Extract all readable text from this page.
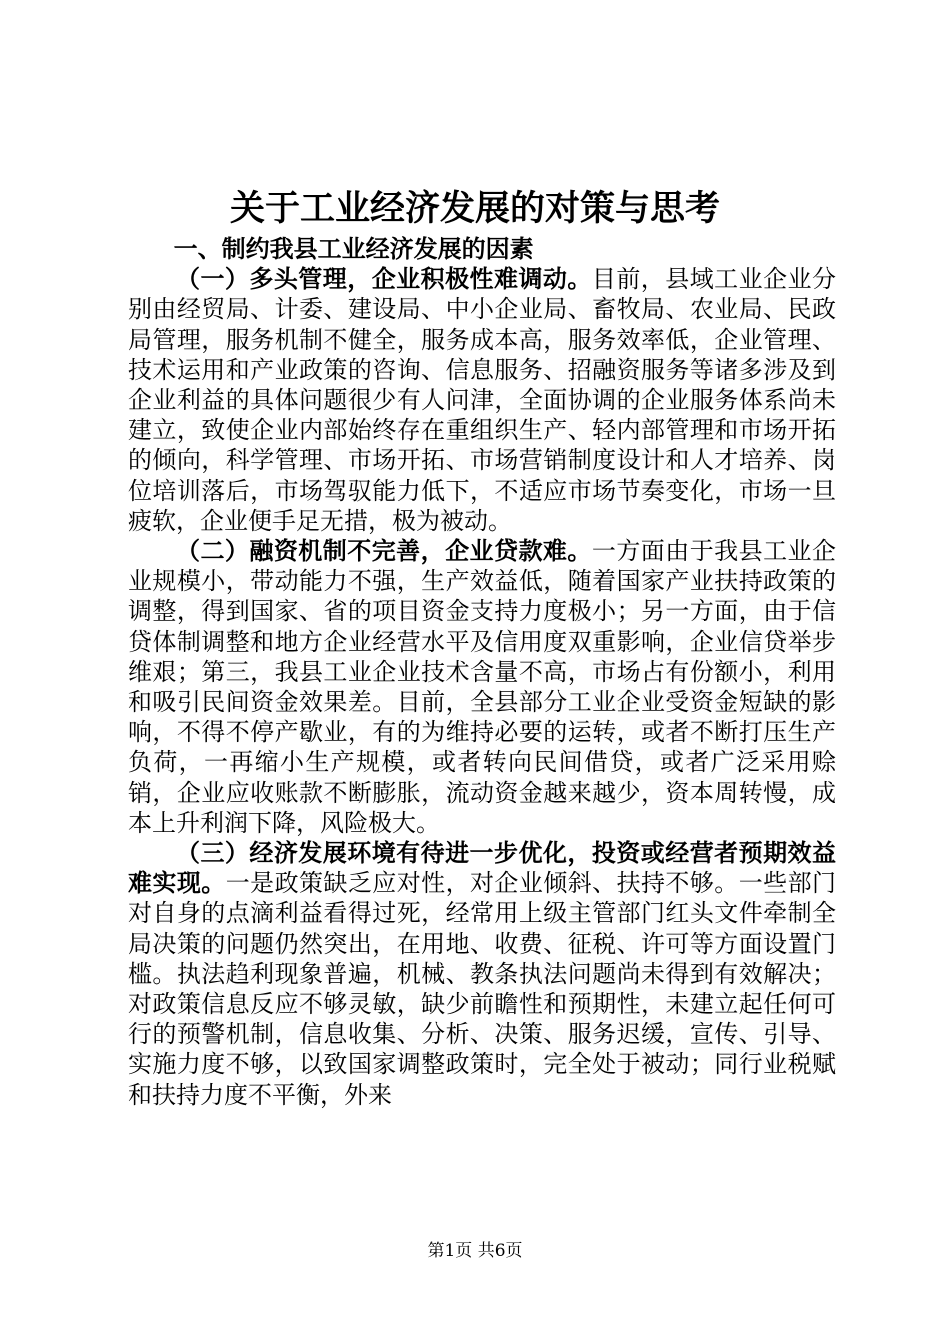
关于工业经济发展的对策与思考

一、制约我县工业经济发展的因素

（一）多头管理，企业积极性难调动。目前，县域工业企业分别由经贸局、计委、建设局、中小企业局、畜牧局、农业局、民政局管理，服务机制不健全，服务成本高，服务效率低，企业管理、技术运用和产业政策的咨询、信息服务、招融资服务等诸多涉及到企业利益的具体问题很少有人问津，全面协调的企业服务体系尚未建立，致使企业内部始终存在重组织生产、轻内部管理和市场开拓的倾向，科学管理、市场开拓、市场营销制度设计和人才培养、岗位培训落后，市场驾驭能力低下，不适应市场节奏变化，市场一旦疲软，企业便手足无措，极为被动。

（二）融资机制不完善，企业贷款难。一方面由于我县工业企业规模小，带动能力不强，生产效益低，随着国家产业扶持政策的调整，得到国家、省的项目资金支持力度极小；另一方面，由于信贷体制调整和地方企业经营水平及信用度双重影响，企业信贷举步维艰；第三，我县工业企业技术含量不高，市场占有份额小，利用和吸引民间资金效果差。目前，全县部分工业企业受资金短缺的影响，不得不停产歇业，有的为维持必要的运转，或者不断打压生产负荷，一再缩小生产规模，或者转向民间借贷，或者广泛采用赊销，企业应收账款不断膨胀，流动资金越来越少，资本周转慢，成本上升利润下降，风险极大。

（三）经济发展环境有待进一步优化，投资或经营者预期效益难实现。一是政策缺乏应对性，对企业倾斜、扶持不够。一些部门对自身的点滴利益看得过死，经常用上级主管部门红头文件牵制全局决策的问题仍然突出，在用地、收费、征税、许可等方面设置门槛。执法趋利现象普遍，机械、教条执法问题尚未得到有效解决；对政策信息反应不够灵敏，缺少前瞻性和预期性，未建立起任何可行的预警机制，信息收集、分析、决策、服务迟缓，宣传、引导、实施力度不够，以致国家调整政策时，完全处于被动；同行业税赋和扶持力度不平衡，外来

第1页 共6页
